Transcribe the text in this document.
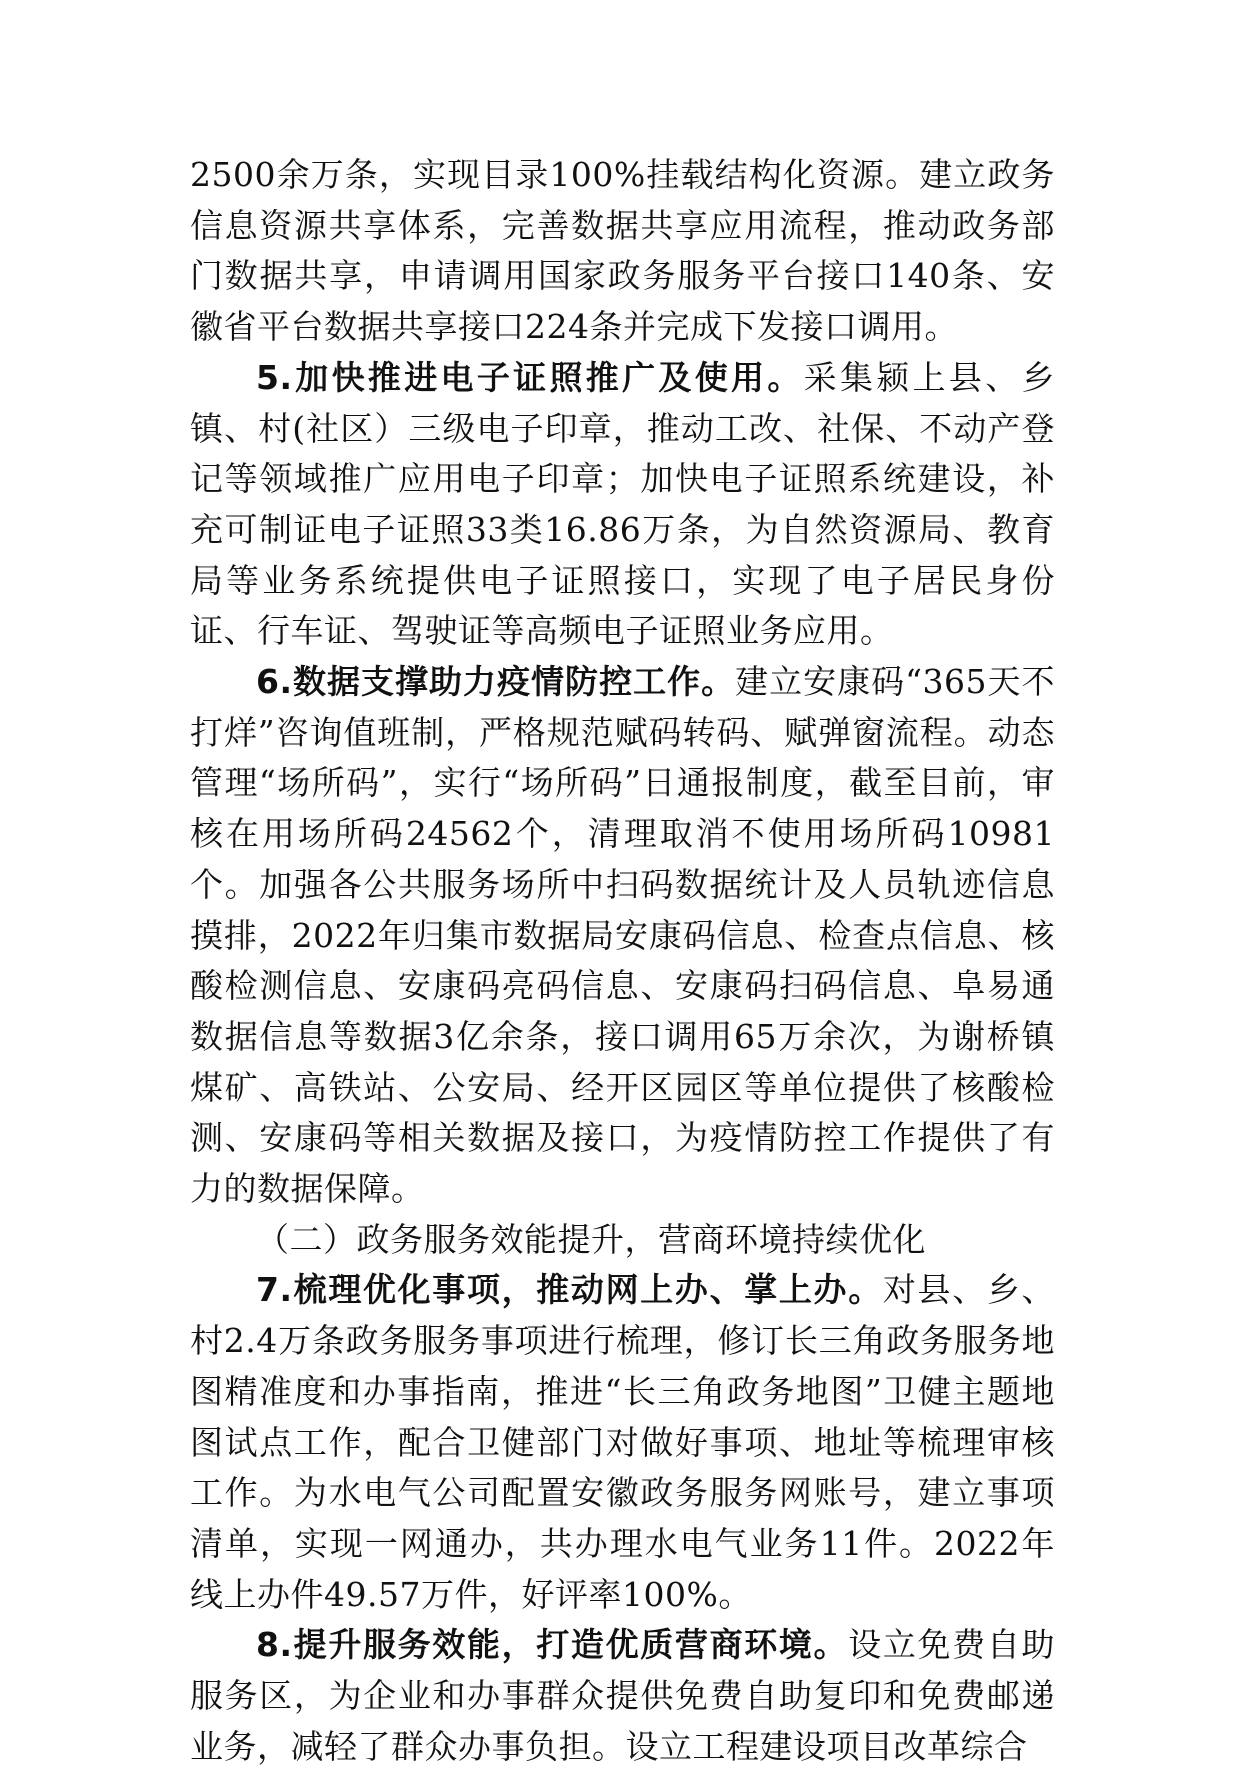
2500余万条，实现目录100%挂载结构化资源。建立政务信息资源共享体系，完善数据共享应用流程，推动政务部门数据共享，申请调用国家政务服务平台接口140条、安徽省平台数据共享接口224条并完成下发接口调用。

5.加快推进电子证照推广及使用。采集颍上县、乡镇、村(社区）三级电子印章，推动工改、社保、不动产登记等领域推广应用电子印章；加快电子证照系统建设，补充可制证电子证照33类16.86万条，为自然资源局、教育局等业务系统提供电子证照接口，实现了电子居民身份证、行车证、驾驶证等高频电子证照业务应用。

6.数据支撑助力疫情防控工作。建立安康码“365天不打烊”咨询值班制，严格规范赋码转码、赋弹窗流程。动态管理“场所码”，实行“场所码”日通报制度，截至目前，审核在用场所码24562个，清理取消不使用场所码10981个。加强各公共服务场所中扫码数据统计及人员轨迹信息摸排，2022年归集市数据局安康码信息、检查点信息、核酸检测信息、安康码亮码信息、安康码扫码信息、阜易通数据信息等数据3亿余条，接口调用65万余次，为谢桥镇煤矿、高铁站、公安局、经开区园区等单位提供了核酸检测、安康码等相关数据及接口，为疫情防控工作提供了有力的数据保障。

（二）政务服务效能提升，营商环境持续优化

7.梳理优化事项，推动网上办、掌上办。对县、乡、村2.4万条政务服务事项进行梳理，修订长三角政务服务地图精准度和办事指南，推进“长三角政务地图”卫健主题地图试点工作，配合卫健部门对做好事项、地址等梳理审核工作。为水电气公司配置安徽政务服务网账号，建立事项清单，实现一网通办，共办理水电气业务11件。2022年线上办件49.57万件，好评率100%。

8.提升服务效能，打造优质营商环境。设立免费自助服务区，为企业和办事群众提供免费自助复印和免费邮递业务，减轻了群众办事负担。设立工程建设项目改革综合
